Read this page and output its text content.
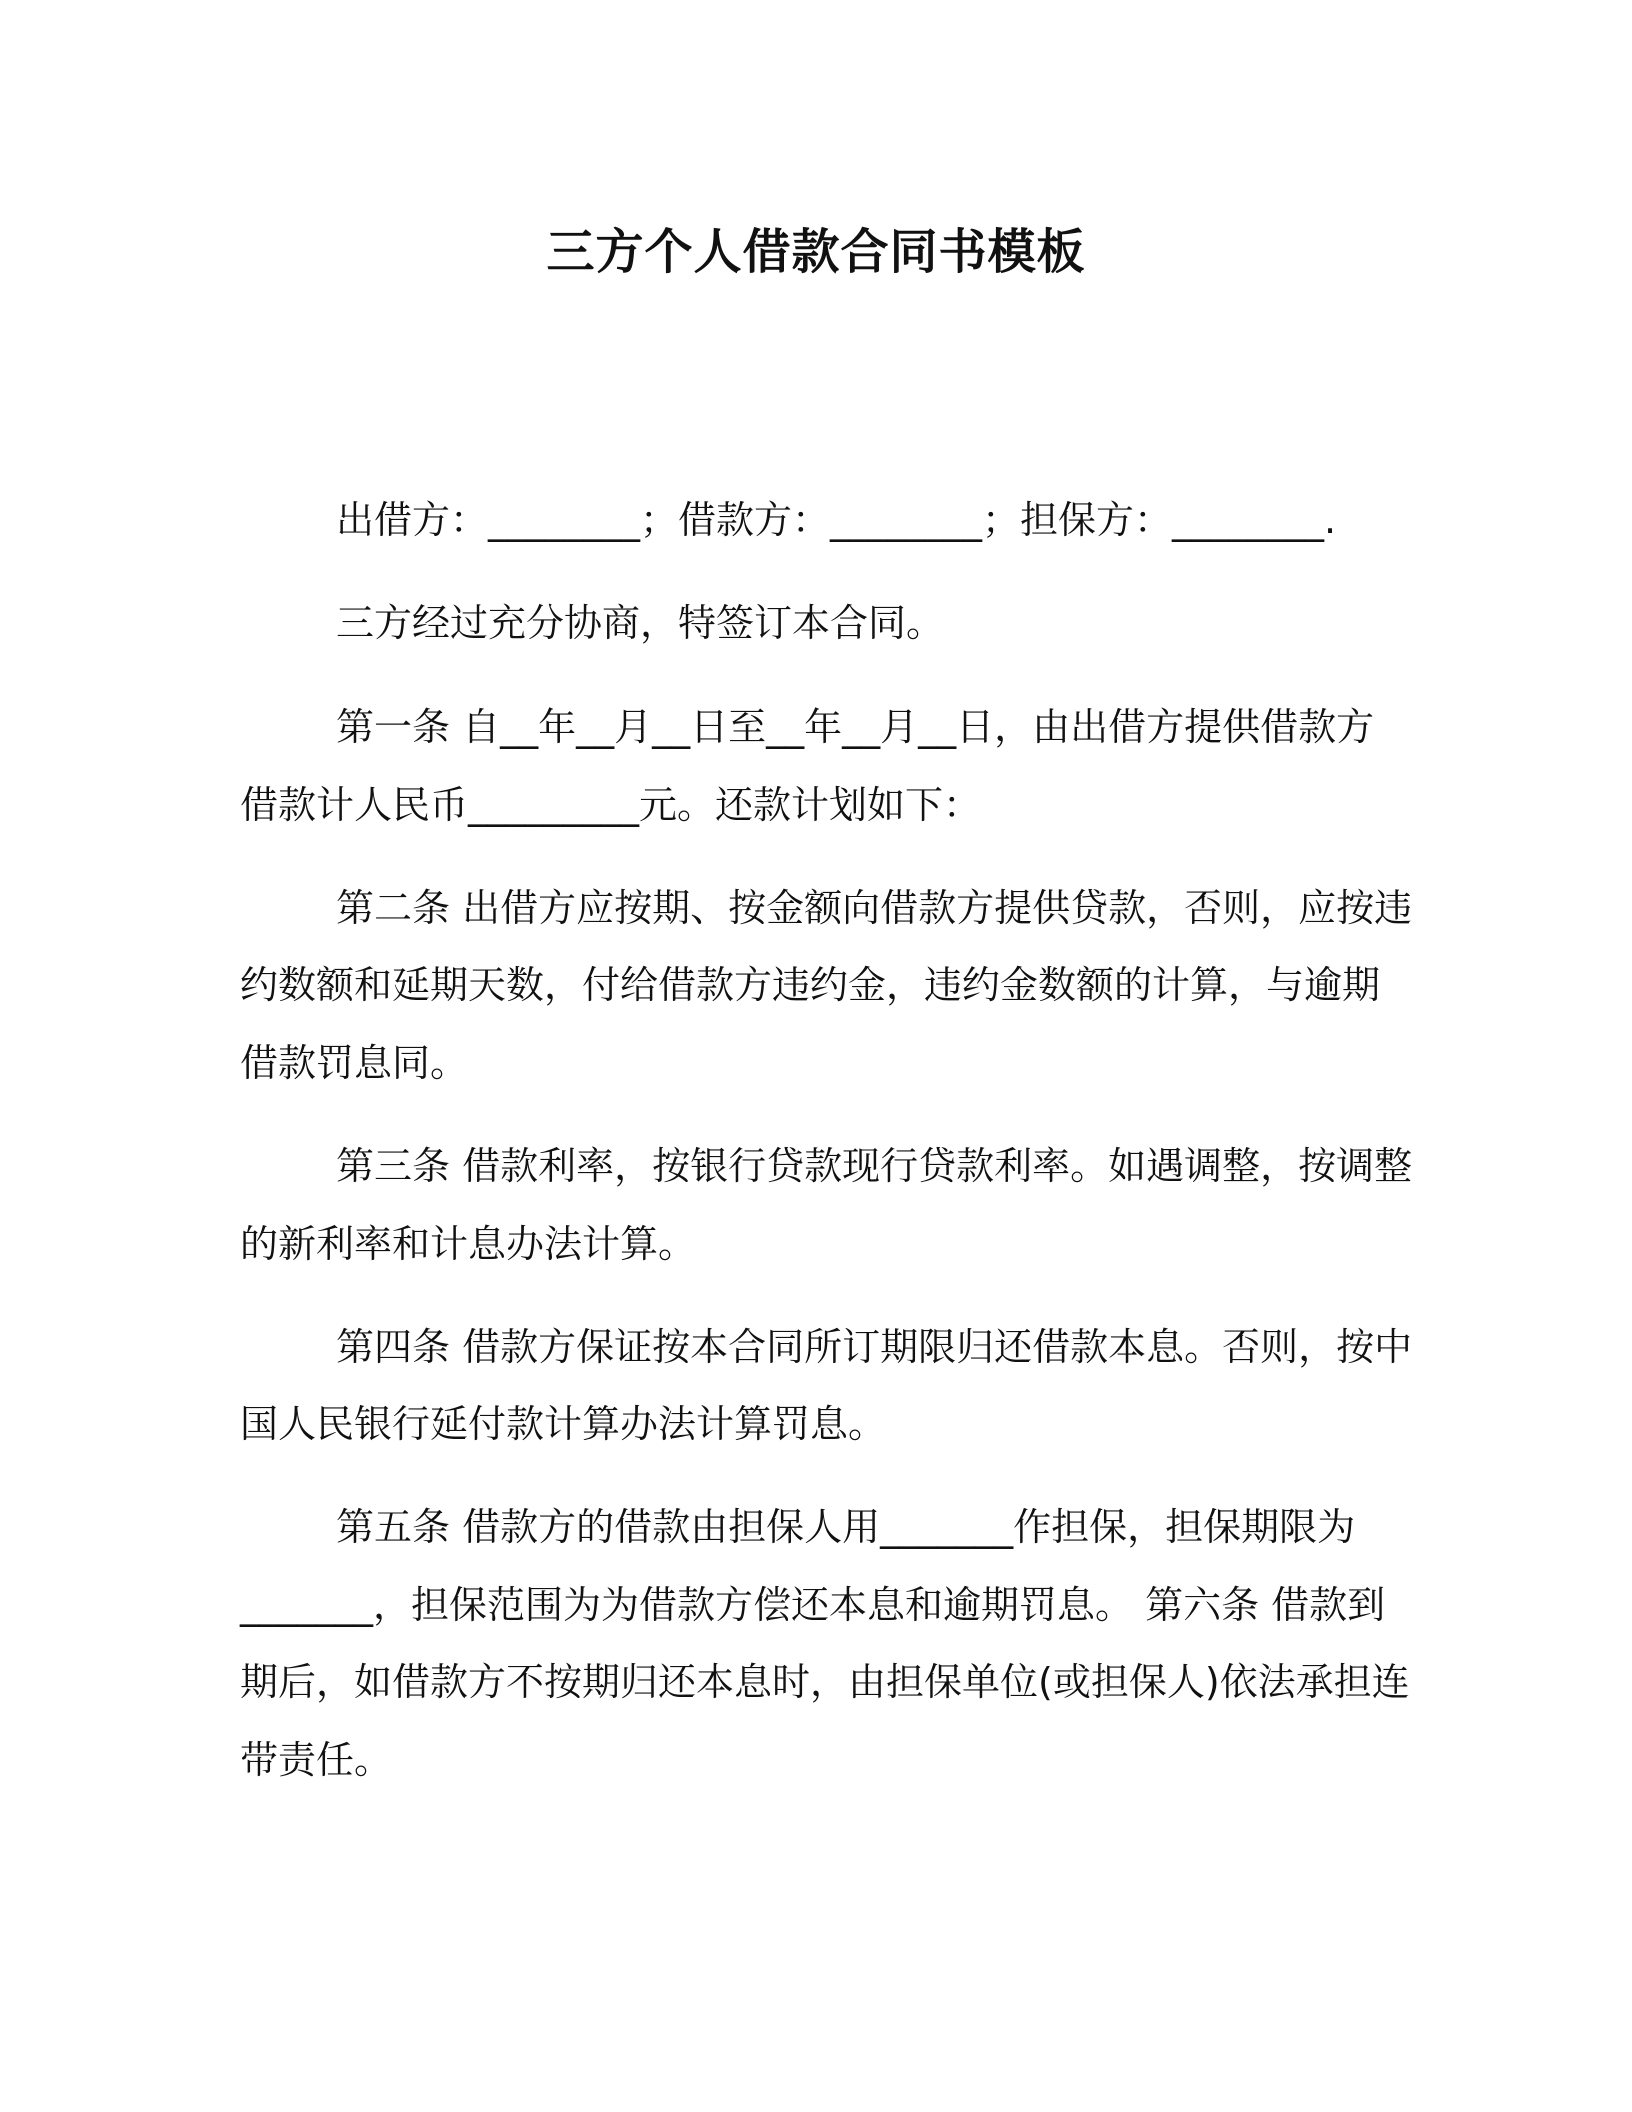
三方个人借款合同书模板
出借方：________；借款方：________；担保方：________.
三方经过充分协商，特签订本合同。
第一条 自__年__月__日至__年__月__日，由出借方提供借款方
借款计人民币_________元。还款计划如下：
第二条 出借方应按期、按金额向借款方提供贷款，否则，应按违
约数额和延期天数，付给借款方违约金，违约金数额的计算，与逾期
借款罚息同。
第三条 借款利率，按银行贷款现行贷款利率。如遇调整，按调整
的新利率和计息办法计算。
第四条 借款方保证按本合同所订期限归还借款本息。否则，按中
国人民银行延付款计算办法计算罚息。
第五条 借款方的借款由担保人用_______作担保，担保期限为
_______，担保范围为为借款方偿还本息和逾期罚息。 第六条 借款到
期后，如借款方不按期归还本息时，由担保单位(或担保人)依法承担连
带责任。
